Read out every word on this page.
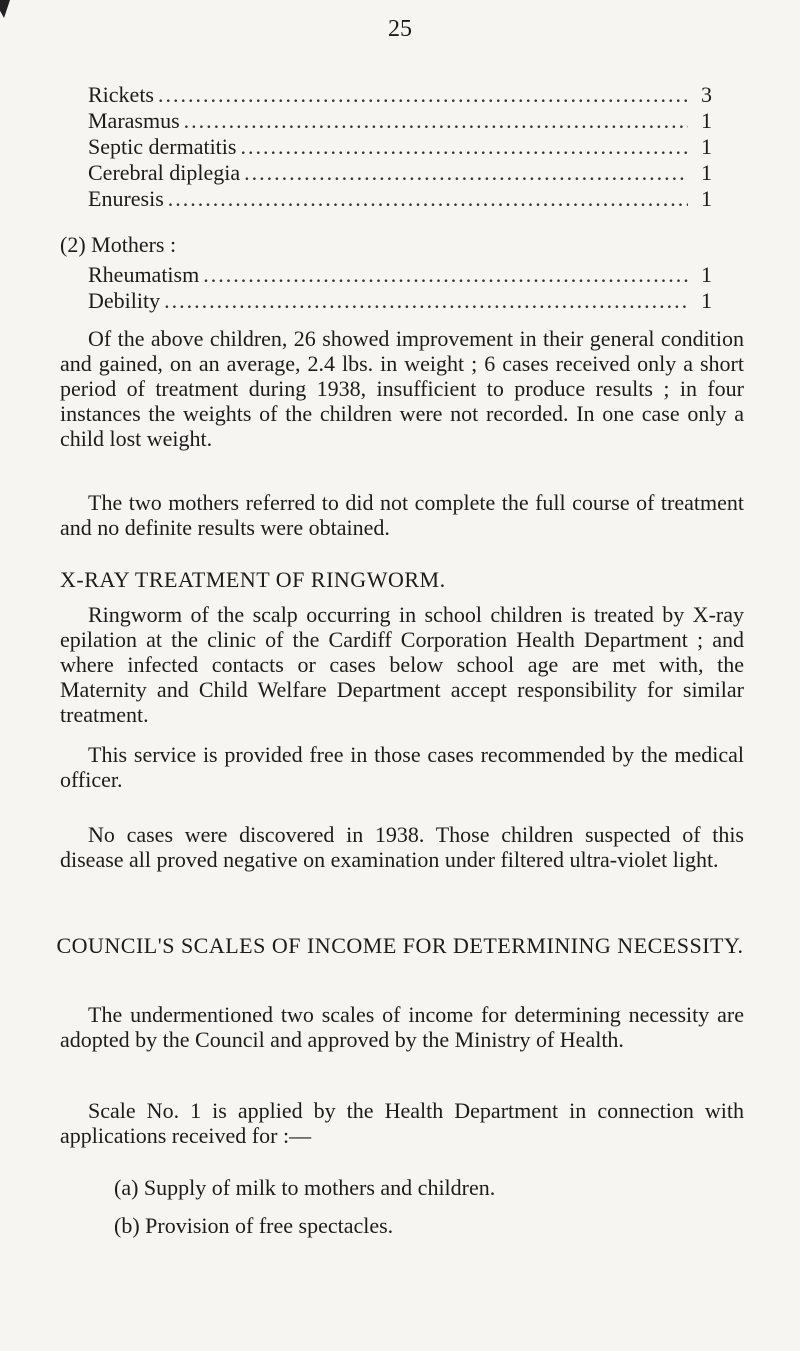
25
Rickets .....	3
Marasmus .....	1
Septic dermatitis .....	1
Cerebral diplegia .....	1
Enuresis .....	1
(2) Mothers :
Rheumatism .....	1
Debility .....	1

Of the above children, 26 showed improvement in their general condition and gained, on an average, 2.4 lbs. in weight ; 6 cases received only a short period of treatment during 1938, insufficient to produce results ; in four instances the weights of the children were not recorded. In one case only a child lost weight.

The two mothers referred to did not complete the full course of treatment and no definite results were obtained.

X-RAY TREATMENT OF RINGWORM.

Ringworm of the scalp occurring in school children is treated by X-ray epilation at the clinic of the Cardiff Corporation Health Department ; and where infected contacts or cases below school age are met with, the Maternity and Child Welfare Department accept responsibility for similar treatment.

This service is provided free in those cases recommended by the medical officer.

No cases were discovered in 1938. Those children suspected of this disease all proved negative on examination under filtered ultra-violet light.

COUNCIL'S SCALES OF INCOME FOR DETERMINING NECESSITY.

The undermentioned two scales of income for determining necessity are adopted by the Council and approved by the Ministry of Health.

Scale No. 1 is applied by the Health Department in connection with applications received for :—

(a) Supply of milk to mothers and children.
(b) Provision of free spectacles.
